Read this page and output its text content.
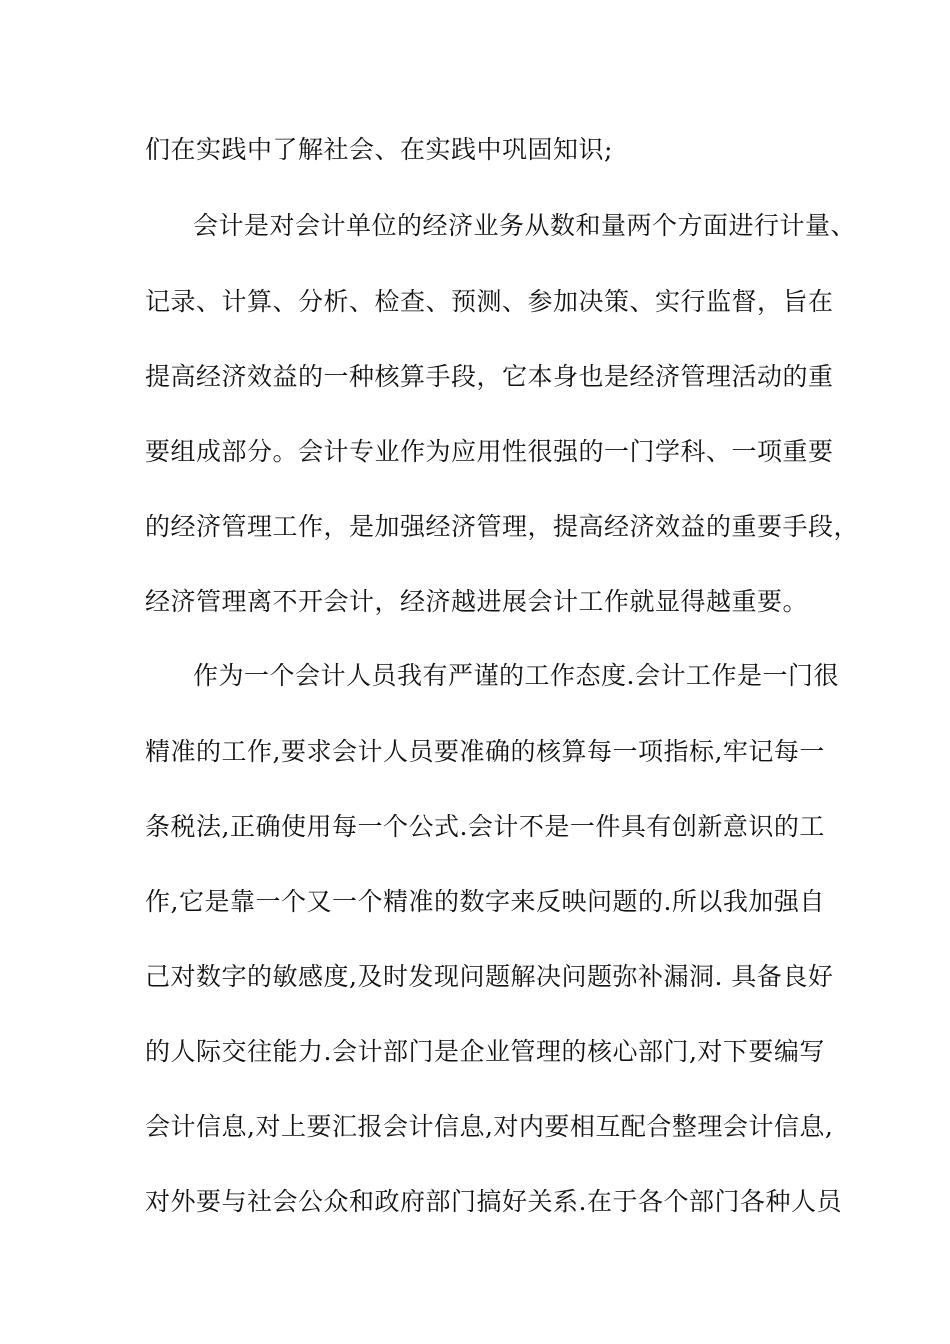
们在实践中了解社会、在实践中巩固知识;
会计是对会计单位的经济业务从数和量两个方面进行计量、
记录、计算、分析、检查、预测、参加决策、实行监督，旨在
提高经济效益的一种核算手段，它本身也是经济管理活动的重
要组成部分。会计专业作为应用性很强的一门学科、一项重要
的经济管理工作，是加强经济管理，提高经济效益的重要手段，
经济管理离不开会计，经济越进展会计工作就显得越重要。
作为一个会计人员我有严谨的工作态度.会计工作是一门很
精准的工作,要求会计人员要准确的核算每一项指标,牢记每一
条税法,正确使用每一个公式.会计不是一件具有创新意识的工
作,它是靠一个又一个精准的数字来反映问题的.所以我加强自
己对数字的敏感度,及时发现问题解决问题弥补漏洞. 具备良好
的人际交往能力.会计部门是企业管理的核心部门,对下要编写
会计信息,对上要汇报会计信息,对内要相互配合整理会计信息,
对外要与社会公众和政府部门搞好关系.在于各个部门各种人员
